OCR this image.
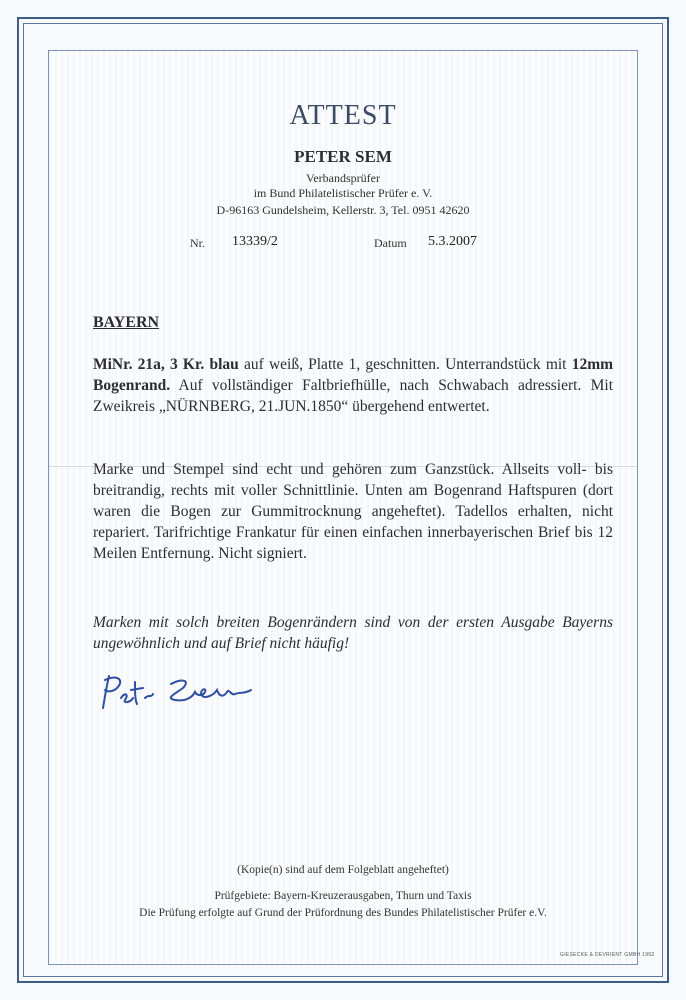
ATTEST
PETER SEM
Verbandsprüfer
im Bund Philatelistischer Prüfer e. V.
D-96163 Gundelsheim, Kellerstr. 3, Tel. 0951 42620
Nr. 13339/2	Datum 5.3.2007
BAYERN
MiNr. 21a, 3 Kr. blau auf weiß, Platte 1, geschnitten. Unterrandstück mit 12mm Bogenrand. Auf vollständiger Faltbriefhülle, nach Schwabach adressiert. Mit Zweikreis „NÜRNBERG, 21.JUN.1850“ übergehend entwertet.
Marke und Stempel sind echt und gehören zum Ganzstück. Allseits voll- bis breitrandig, rechts mit voller Schnittlinie. Unten am Bogenrand Haftspuren (dort waren die Bogen zur Gummitrocknung angeheftet). Tadellos erhalten, nicht repariert. Tarifrichtige Frankatur für einen einfachen innerbayerischen Brief bis 12 Meilen Entfernung. Nicht signiert.
Marken mit solch breiten Bogenrändern sind von der ersten Ausgabe Bayerns ungewöhnlich und auf Brief nicht häufig!
(Kopie(n) sind auf dem Folgeblatt angeheftet)
Prüfgebiete: Bayern-Kreuzerausgaben, Thurn und Taxis
Die Prüfung erfolgte auf Grund der Prüfordnung des Bundes Philatelistischer Prüfer e.V.
GIESECKE & DEVRIENT GMBH 1992
